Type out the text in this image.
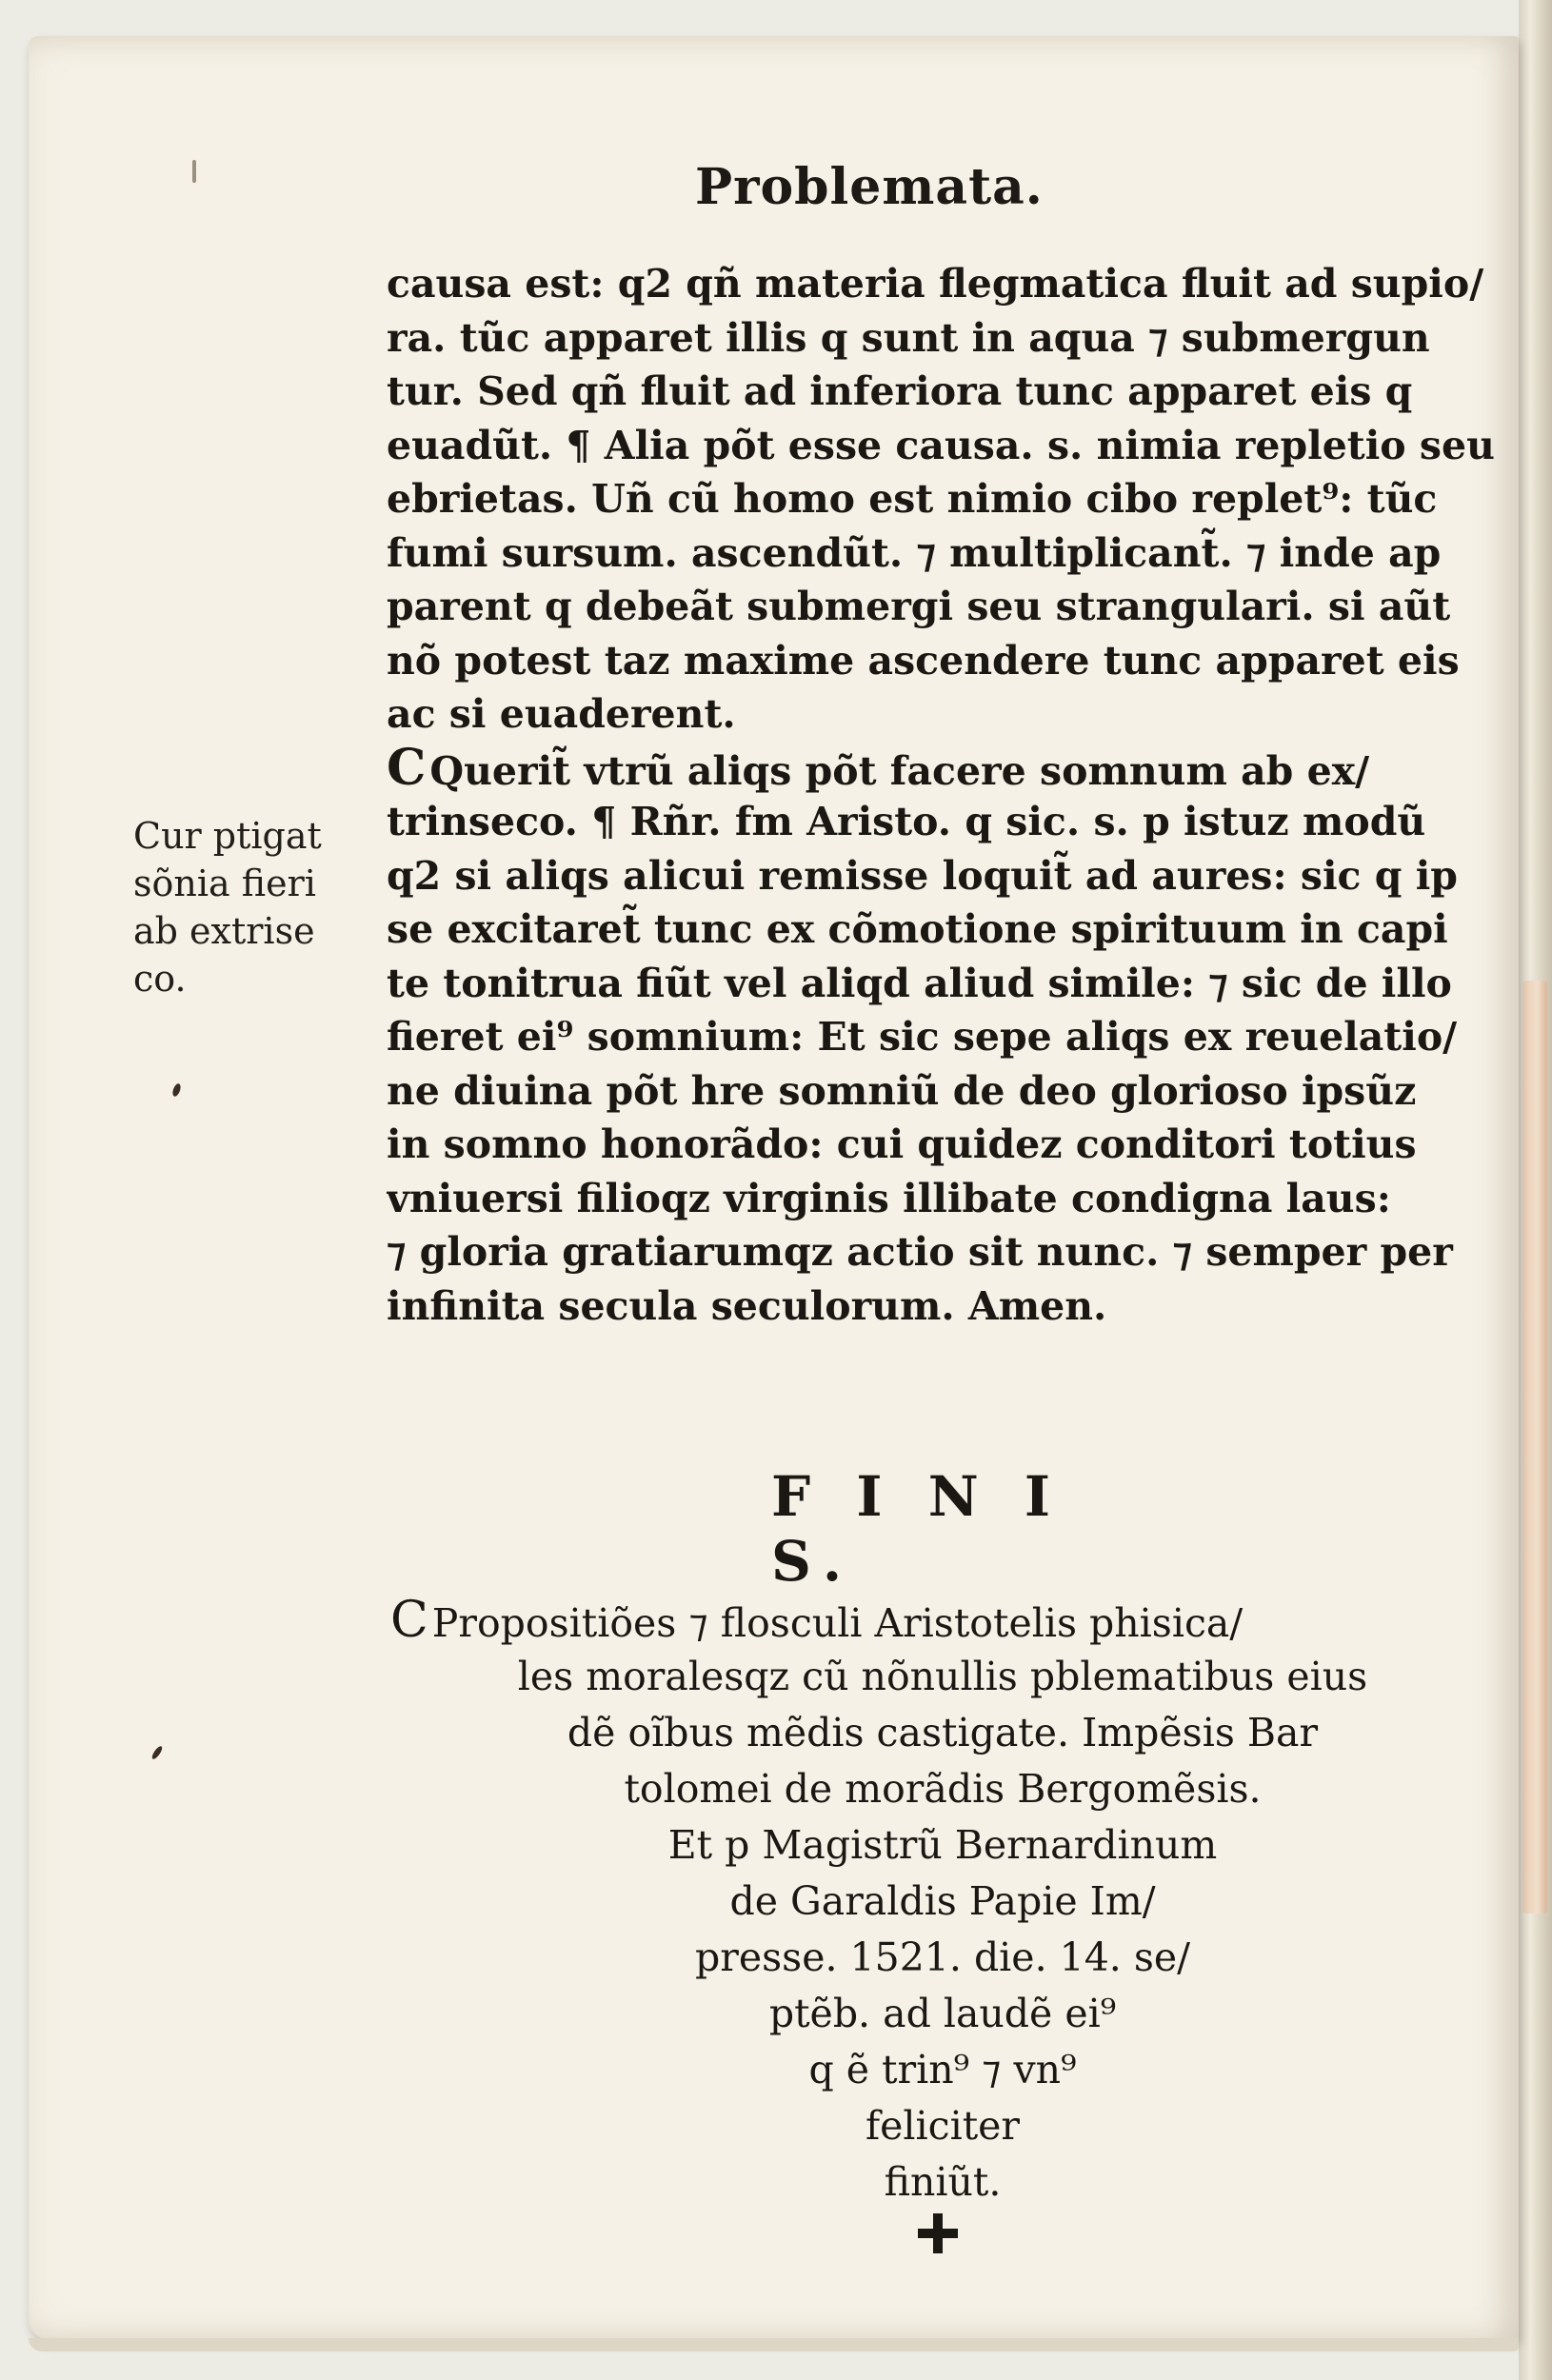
Problemata.
causa est: q2 qñ materia flegmatica fluit ad supio/
ra. tũc apparet illis q sunt in aqua ⁊ submergun
tur. Sed qñ fluit ad inferiora tunc apparet eis q
euadũt. ¶ Alia põt esse causa. s. nimia repletio seu
ebrietas. Uñ cũ homo est nimio cibo replet⁹: tũc
fumi sursum. ascendũt. ⁊ multiplicant̃. ⁊ inde ap
parent q debeãt submergi seu strangulari. si aũt
nõ potest taz maxime ascendere tunc apparet eis
ac si euaderent.
CQuerit̃ vtrũ aliqs põt facere somnum ab ex/
trinseco. ¶ Rñr. fm Aristo. q sic. s. p istuz modũ
q2 si aliqs alicui remisse loquit̃ ad aures: sic q ip
se excitaret̃ tunc ex cõmotione spirituum in capi
te tonitrua fiũt vel aliqd aliud simile: ⁊ sic de illo
fieret ei⁹ somnium: Et sic sepe aliqs ex reuelatio/
ne diuina põt hre somniũ de deo glorioso ipsũz
in somno honorãdo: cui quidez conditori totius
vniuersi filioqz virginis illibate condigna laus:
⁊ gloria gratiarumqz actio sit nunc. ⁊ semper per
infinita secula seculorum. Amen.
Cur ptigat
sõnia fieri
ab extrise
co.
F I N I S.
CPropositiões ⁊ flosculi Aristotelis phisica/
les moralesqz cũ nõnullis pblematibus eius
dẽ oĩbus mẽdis castigate. Impẽsis Bar
tolomei de morãdis Bergomẽsis.
Et p Magistrũ Bernardinum
de Garaldis Papie Im/
presse. 1521. die. 14. se/
ptẽb. ad laudẽ ei⁹
q ẽ trin⁹ ⁊ vn⁹
feliciter
finiũt.
